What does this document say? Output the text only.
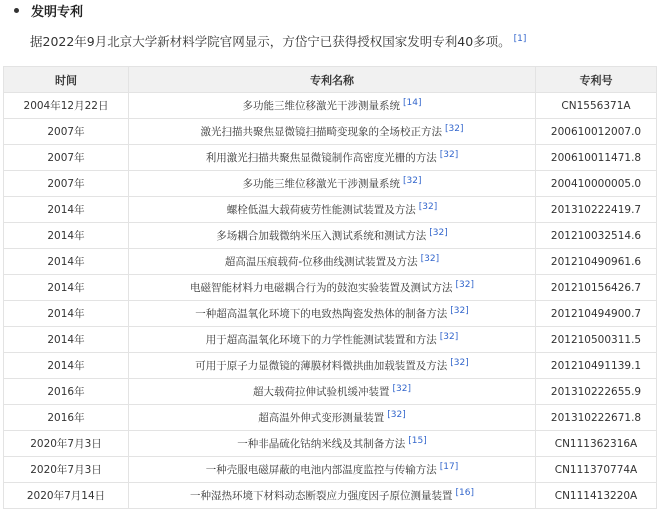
发明专利
据2022年9月北京大学新材料学院官网显示，方岱宁已获得授权国家发明专利40多项。 [1]
时间	专利名称	专利号
2004年12月22日	多功能三维位移激光干涉测量系统 [14]	CN1556371A
2007年	激光扫描共聚焦显微镜扫描畸变现象的全场校正方法 [32]	200610012007.0
2007年	利用激光扫描共聚焦显微镜制作高密度光栅的方法 [32]	200610011471.8
2007年	多功能三维位移激光干涉测量系统 [32]	200410000005.0
2014年	螺栓低温大载荷疲劳性能测试装置及方法 [32]	201310222419.7
2014年	多场耦合加载微纳米压入测试系统和测试方法 [32]	201210032514.6
2014年	超高温压痕载荷-位移曲线测试装置及方法 [32]	201210490961.6
2014年	电磁智能材料力电磁耦合行为的鼓泡实验装置及测试方法 [32]	201210156426.7
2014年	一种超高温氧化环境下的电致热陶瓷发热体的制备方法 [32]	201210494900.7
2014年	用于超高温氧化环境下的力学性能测试装置和方法 [32]	201210500311.5
2014年	可用于原子力显微镜的薄膜材料微拱曲加载装置及方法 [32]	201210491139.1
2016年	超大载荷拉伸试验机缓冲装置 [32]	201310222655.9
2016年	超高温外伸式变形测量装置 [32]	201310222671.8
2020年7月3日	一种非晶硫化钴纳米线及其制备方法 [15]	CN111362316A
2020年7月3日	一种壳服电磁屏蔽的电池内部温度监控与传输方法 [17]	CN111370774A
2020年7月14日	一种湿热环境下材料动态断裂应力强度因子原位测量装置 [16]	CN111413220A
